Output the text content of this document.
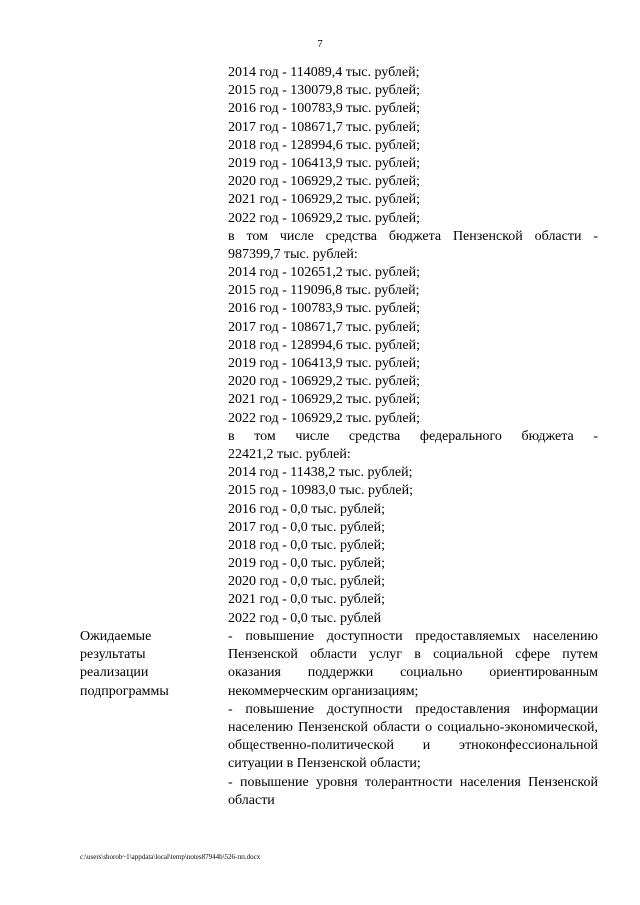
7
2014 год - 114089,4 тыс. рублей;
2015 год - 130079,8 тыс. рублей;
2016 год - 100783,9 тыс. рублей;
2017 год - 108671,7 тыс. рублей;
2018 год - 128994,6 тыс. рублей;
2019 год - 106413,9 тыс. рублей;
2020 год - 106929,2 тыс. рублей;
2021 год - 106929,2 тыс. рублей;
2022 год - 106929,2 тыс. рублей;
в том числе средства бюджета Пензенской области -
987399,7 тыс. рублей:
2014 год - 102651,2 тыс. рублей;
2015 год - 119096,8 тыс. рублей;
2016 год - 100783,9 тыс. рублей;
2017 год - 108671,7 тыс. рублей;
2018 год - 128994,6 тыс. рублей;
2019 год - 106413,9 тыс. рублей;
2020 год - 106929,2 тыс. рублей;
2021 год - 106929,2 тыс. рублей;
2022 год - 106929,2 тыс. рублей;
в том числе средства федерального бюджета -
22421,2 тыс. рублей:
2014 год - 11438,2 тыс. рублей;
2015 год - 10983,0 тыс. рублей;
2016 год - 0,0 тыс. рублей;
2017 год - 0,0 тыс. рублей;
2018 год - 0,0 тыс. рублей;
2019 год - 0,0 тыс. рублей;
2020 год - 0,0 тыс. рублей;
2021 год - 0,0 тыс. рублей;
2022 год - 0,0 тыс. рублей
Ожидаемые
результаты
реализации
подпрограммы
- повышение доступности предоставляемых населению Пензенской области услуг в социальной сфере путем оказания поддержки социально ориентированным некоммерческим организациям;
- повышение доступности предоставления информации населению Пензенской области о социально-экономической, общественно-политической и этноконфессиональной ситуации в Пензенской области;
- повышение уровня толерантности населения Пензенской области
c:\users\shorob~1\appdata\local\temp\notes87944b\526-пп.docx
